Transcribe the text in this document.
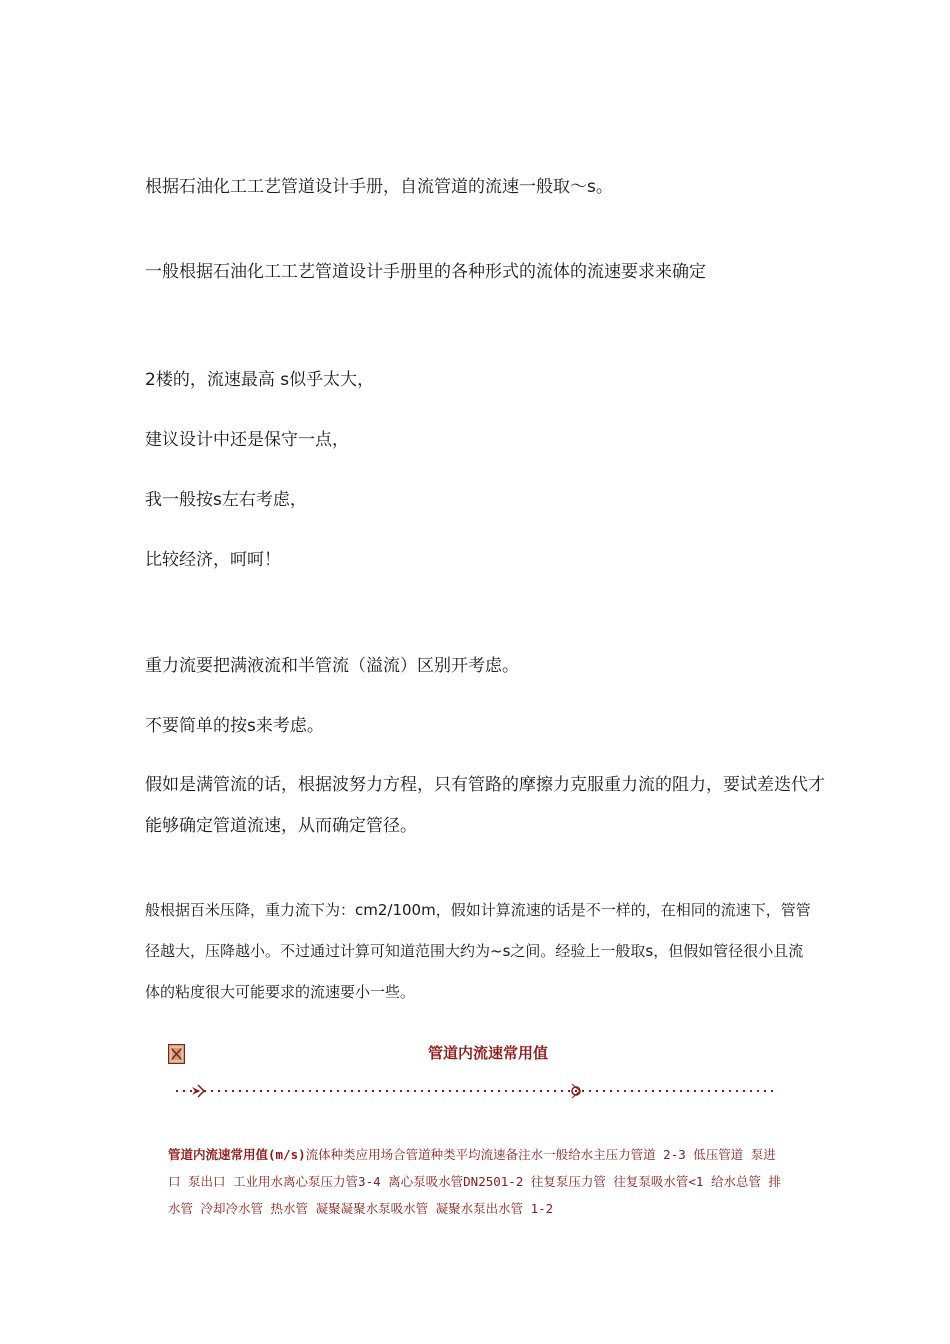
根据石油化工工艺管道设计手册，自流管道的流速一般取～s。

一般根据石油化工工艺管道设计手册里的各种形式的流体的流速要求来确定

2楼的，流速最高 s似乎太大，

建议设计中还是保守一点，

我一般按s左右考虑，

比较经济，呵呵！

重力流要把满液流和半管流（溢流）区别开考虑。

不要简单的按s来考虑。

假如是满管流的话，根据波努力方程，只有管路的摩擦力克服重力流的阻力，要试差迭代才能够确定管道流速，从而确定管径。

般根据百米压降，重力流下为：cm2/100m，假如计算流速的话是不一样的，在相同的流速下，管管径越大，压降越小。不过通过计算可知道范围大约为~s之间。经验上一般取s，但假如管径很小且流体的粘度很大可能要求的流速要小一些。

管道内流速常用值
管道内流速常用值(m/s)流体种类应用场合管道种类平均流速备注水一般给水主压力管道 2-3 低压管道 泵进口 泵出口 工业用水离心泵压力管3-4 离心泵吸水管DN2501-2 往复泵压力管 往复泵吸水管<1 给水总管 排水管 冷却冷水管 热水管 凝聚凝聚水泵吸水管 凝聚水泵出水管 1-2
